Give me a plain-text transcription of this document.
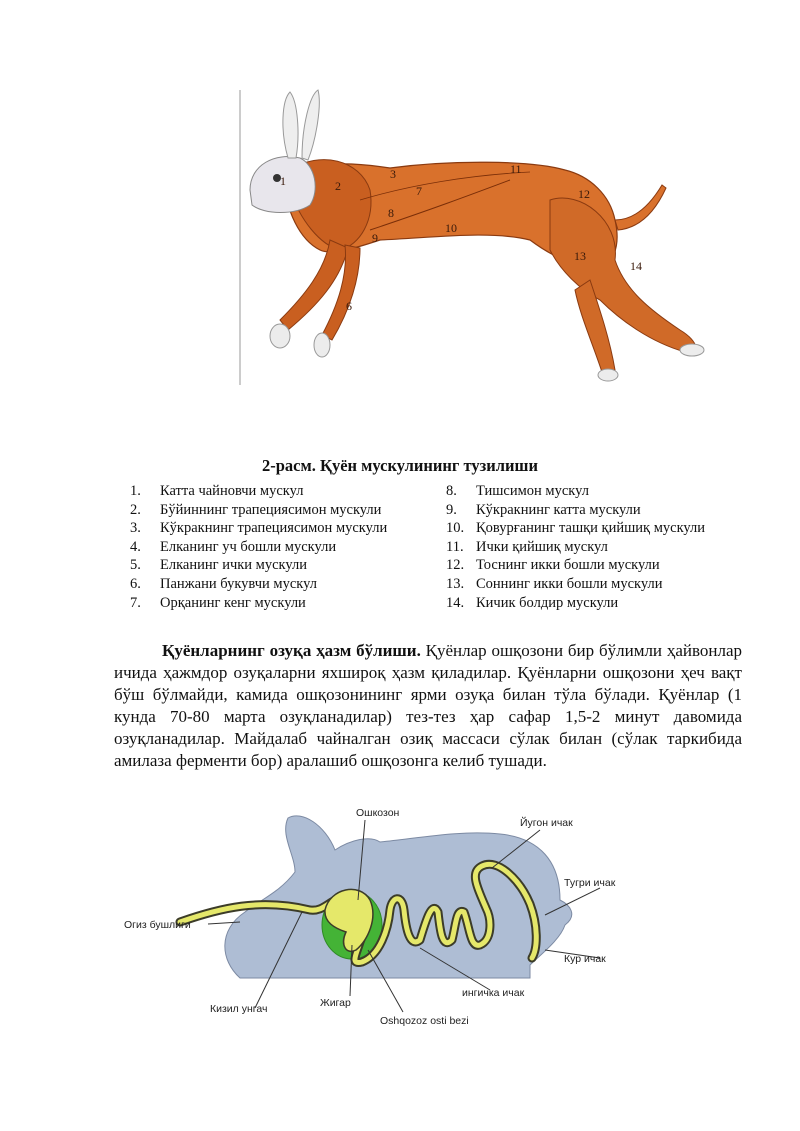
1	2
3
7
8
9
10
11
12
13
14
6
2-расм. Қуён мускулининг тузилиши
1.	Катта чайновчи мускул
2.	Бўйиннинг трапециясимон мускули
3.	Кўкракнинг трапециясимон мускули
4.	Елканинг уч бошли мускули
5.	Елканинг ички мускули
6.	Панжани букувчи мускул
7.	Орқанинг кенг мускули
8.	Тишсимон мускул
9.	Кўкракнинг катта мускули
10. Қовурғанинг ташқи қийшиқ мускули
11. Ички қийшиқ мускул
12. Тоснинг икки бошли мускули
13. Соннинг икки бошли мускули
14. Кичик болдир мускули
Қуёнларнинг озуқа ҳазм бўлиши. Қуёнлар ошқозони бир бўлимли ҳайвонлар ичида ҳажмдор озуқаларни яхшироқ ҳазм қиладилар. Қуёнларни ошқозони ҳеч вақт бўш бўлмайди, камида ошқозонининг ярми озуқа билан тўла бўлади. Қуёнлар (1 кунда 70-80 марта озуқланадилар) тез-тез ҳар сафар 1,5-2 минут давомида озуқланадилар. Майдалаб чайналган озиқ массаси сўлак билан (сўлак таркибида амилаза ферменти бор) аралашиб ошқозонга келиб тушади.
Ошкозон
Йугон ичак
Огиз бушлиги
Тугри ичак
Кур ичак
ингичка ичак
Кизил унгач	Жигар
Oshqozoz osti bezi
